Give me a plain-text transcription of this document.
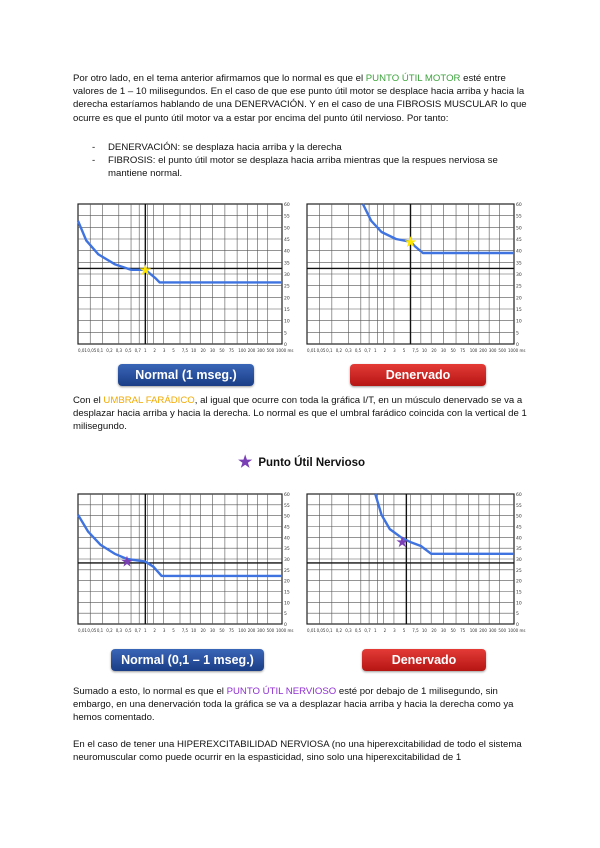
Por otro lado, en el tema anterior afirmamos que lo normal es que el PUNTO ÚTIL MOTOR esté entre valores de 1 – 10 milisegundos. En el caso de que ese punto útil motor se desplace hacia arriba y hacia la derecha estaríamos hablando de una DENERVACIÓN. Y en el caso de una FIBROSIS MUSCULAR lo que ocurre es que el punto útil motor va a estar por encima del punto útil nervioso. Por tanto:

- DENERVACIÓN: se desplaza hacia arriba y la derecha
- FIBROSIS: el punto útil motor se desplaza hacia arriba mientras que la respues nerviosa se mantiene normal.
★
60
55
50
45
40
35
30
25
20
15
10
5
0
0,01 0,05 0,1 0,2 0,3 0,5 0,7 1 2 3 5 7,5 10 20 30 50 75 100 200 300 500 1000 ms
★
60
55
50
45
40
35
30
25
20
15
10
5
0
0,01 0,05 0,1 0,2 0,3 0,5 0,7 1 2 3 5 7,5 10 20 30 50 75 100 200 300 500 1000 ms
Normal (1 mseg.)	Denervado

Con el UMBRAL FARÁDICO, al igual que ocurre con toda la gráfica I/T, en un músculo denervado se va a desplazar hacia arriba y hacia la derecha. Lo normal es que el umbral farádico coincida con la vertical de 1 milisegundo.

★ Punto Útil Nervioso
★
60
55
50
45
40
35
30
25
20
15
10
5
0
0,01 0,05 0,1 0,2 0,3 0,5 0,7 1 2 3 5 7,5 10 20 30 50 75 100 200 300 500 1000 ms
★
60
55
50
45
40
35
30
25
20
15
10
5
0
0,01 0,05 0,1 0,2 0,3 0,5 0,7 1 2 3 5 7,5 10 20 30 50 75 100 200 300 500 1000 ms
Normal (0,1 – 1 mseg.)	Denervado

Sumado a esto, lo normal es que el PUNTO ÚTIL NERVIOSO esté por debajo de 1 milisegundo, sin embargo, en una denervación toda la gráfica se va a desplazar hacia arriba y hacia la derecha como ya hemos comentado.

En el caso de tener una HIPEREXCITABILIDAD NERVIOSA (no una hiperexcitabilidad de todo el sistema neuromuscular como puede ocurrir en la espasticidad, sino solo una hiperexcitabilidad de 1
